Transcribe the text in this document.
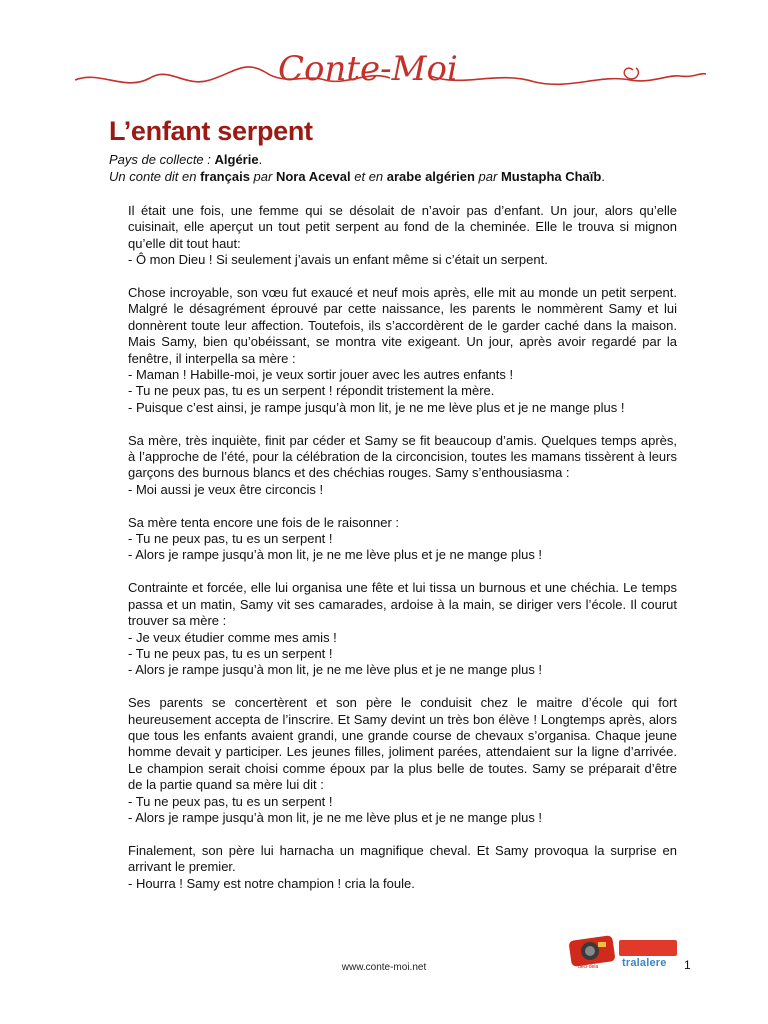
Conte-Moi
L’enfant serpent
Pays de collecte : Algérie.
Un conte dit en français par Nora Aceval et en arabe algérien par Mustapha Chaïb.
Il était une fois, une femme qui se désolait de n’avoir pas d’enfant. Un jour, alors qu’elle cuisinait, elle aperçut un tout petit serpent au fond de la cheminée. Elle le trouva si mignon qu’elle dit tout haut:
- Ô mon Dieu ! Si seulement j’avais un enfant même si c’était un serpent.
Chose incroyable, son vœu fut exaucé et neuf mois après, elle mit au monde un petit serpent. Malgré le désagrément éprouvé par cette naissance, les parents le nommèrent Samy et lui donnèrent toute leur affection. Toutefois, ils s’accordèrent de le garder caché dans la maison. Mais Samy, bien qu’obéissant, se montra vite exigeant. Un jour, après avoir regardé par la fenêtre, il interpella sa mère :
- Maman ! Habille-moi, je veux sortir jouer avec les autres enfants !
- Tu ne peux pas, tu es un serpent ! répondit tristement la mère.
- Puisque c’est ainsi, je rampe jusqu’à mon lit, je ne me lève plus et je ne mange plus !
Sa mère, très inquiète, finit par céder et Samy se fit beaucoup d’amis. Quelques temps après, à l’approche de l’été, pour la célébration de la circoncision, toutes les mamans tissèrent à leurs garçons des burnous blancs et des chéchias rouges. Samy s’enthousiasma :
- Moi aussi je veux être circoncis !
Sa mère tenta encore une fois de le raisonner :
- Tu ne peux pas, tu es un serpent !
- Alors je rampe jusqu’à mon lit, je ne me lève plus et je ne mange plus !
Contrainte et forcée, elle lui organisa une fête et lui tissa un burnous et une chéchia. Le temps passa et un matin, Samy vit ses camarades, ardoise à la main, se diriger vers l’école. Il courut trouver sa mère :
- Je veux étudier comme mes amis !
- Tu ne peux pas, tu es un serpent !
- Alors je rampe jusqu’à mon lit, je ne me lève plus et je ne mange plus !
Ses parents se concertèrent et son père le conduisit chez le maitre d’école qui fort heureusement accepta de l’inscrire. Et Samy devint un très bon élève ! Longtemps après, alors que tous les enfants avaient grandi, une grande course de chevaux s’organisa. Chaque jeune homme devait y participer. Les jeunes filles, joliment parées, attendaient sur la ligne d’arrivée. Le champion serait choisi comme époux par la plus belle de toutes. Samy se préparait d’être de la partie quand sa mère lui dit :
- Tu ne peux pas, tu es un serpent !
- Alors je rampe jusqu’à mon lit, je ne me lève plus et je ne mange plus !
Finalement, son père lui harnacha un magnifique cheval. Et Samy provoqua la surprise en arrivant le premier.
- Hourra ! Samy est notre champion ! cria la foule.
deci-dela tralalere
www.conte-moi.net	1
